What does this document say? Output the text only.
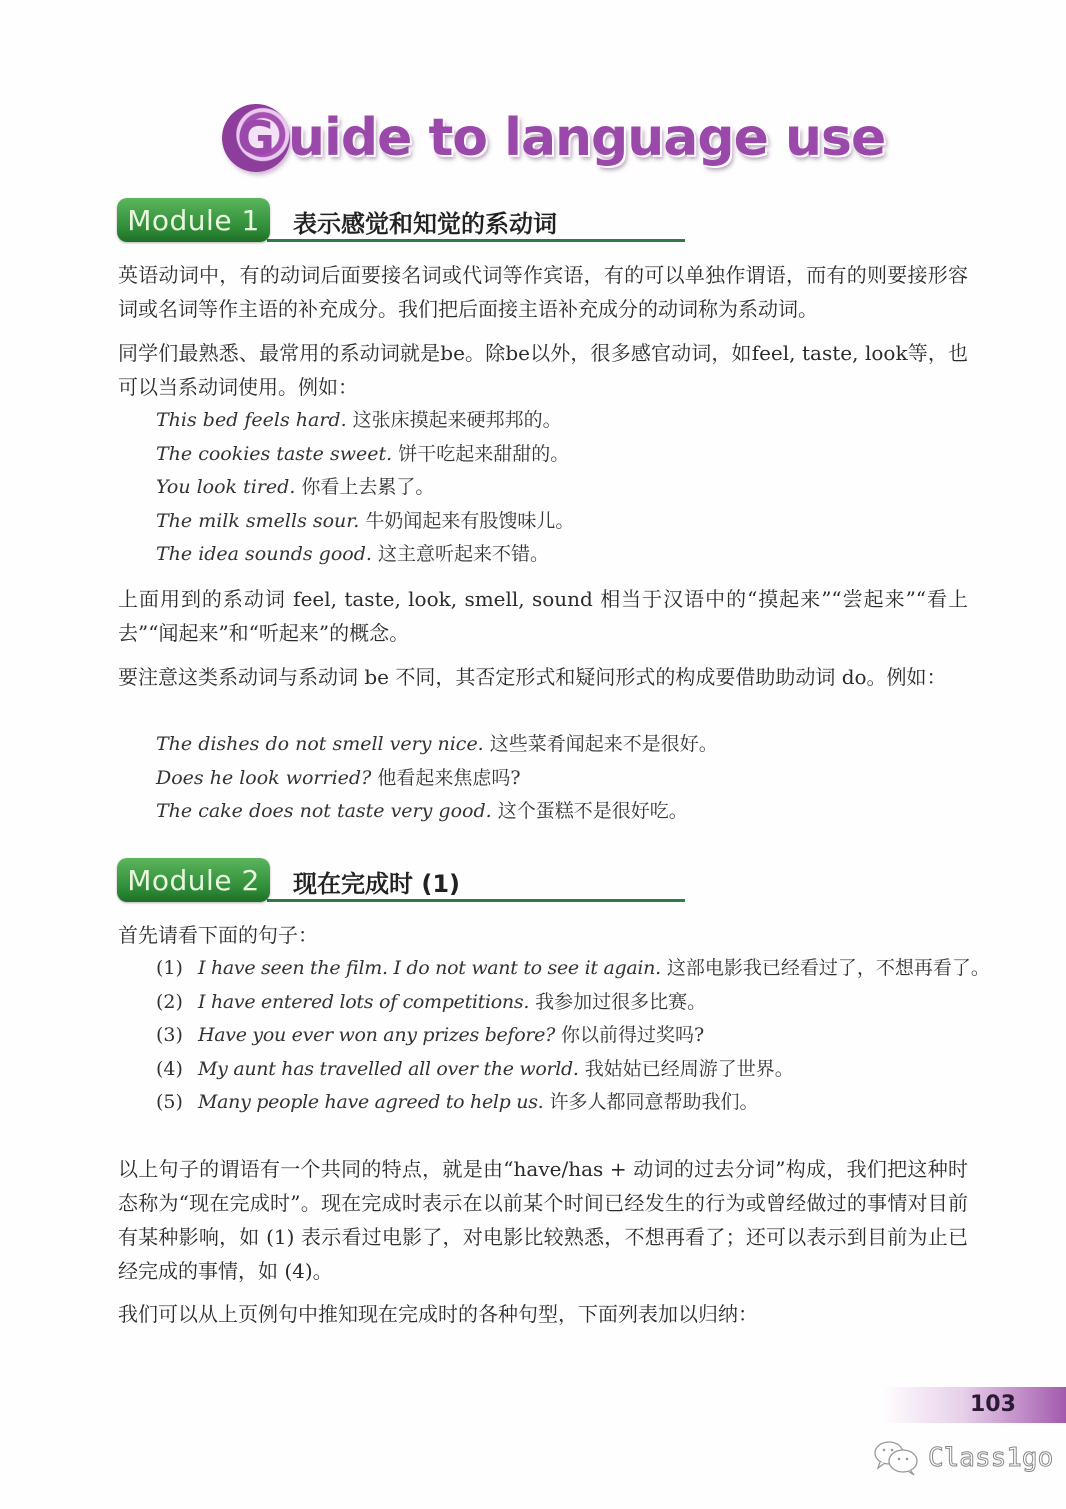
G uide to language use
Module 1	表示感觉和知觉的系动词

英语动词中，有的动词后面要接名词或代词等作宾语，有的可以单独作谓语，而有的则要接形容词或名词等作主语的补充成分。我们把后面接主语补充成分的动词称为系动词。

同学们最熟悉、最常用的系动词就是be。除be以外，很多感官动词，如feel, taste, look等，也可以当系动词使用。例如：

This bed feels hard. 这张床摸起来硬邦邦的。
The cookies taste sweet. 饼干吃起来甜甜的。
You look tired. 你看上去累了。
The milk smells sour. 牛奶闻起来有股馊味儿。
The idea sounds good. 这主意听起来不错。

上面用到的系动词 feel, taste, look, smell, sound 相当于汉语中的“摸起来”“尝起来”“看上去”“闻起来”和“听起来”的概念。

要注意这类系动词与系动词 be 不同，其否定形式和疑问形式的构成要借助助动词 do。例如：

The dishes do not smell very nice. 这些菜肴闻起来不是很好。
Does he look worried? 他看起来焦虑吗?
The cake does not taste very good. 这个蛋糕不是很好吃。
Module 2	现在完成时 (1)

首先请看下面的句子：

(1) I have seen the film. I do not want to see it again. 这部电影我已经看过了，不想再看了。
(2) I have entered lots of competitions. 我参加过很多比赛。
(3) Have you ever won any prizes before? 你以前得过奖吗?
(4) My aunt has travelled all over the world. 我姑姑已经周游了世界。
(5) Many people have agreed to help us. 许多人都同意帮助我们。

以上句子的谓语有一个共同的特点，就是由“have/has + 动词的过去分词”构成，我们把这种时态称为“现在完成时”。现在完成时表示在以前某个时间已经发生的行为或曾经做过的事情对目前有某种影响，如 (1) 表示看过电影了，对电影比较熟悉，不想再看了；还可以表示到目前为止已经完成的事情，如 (4)。

我们可以从上页例句中推知现在完成时的各种句型，下面列表加以归纳：

103
Class1go
